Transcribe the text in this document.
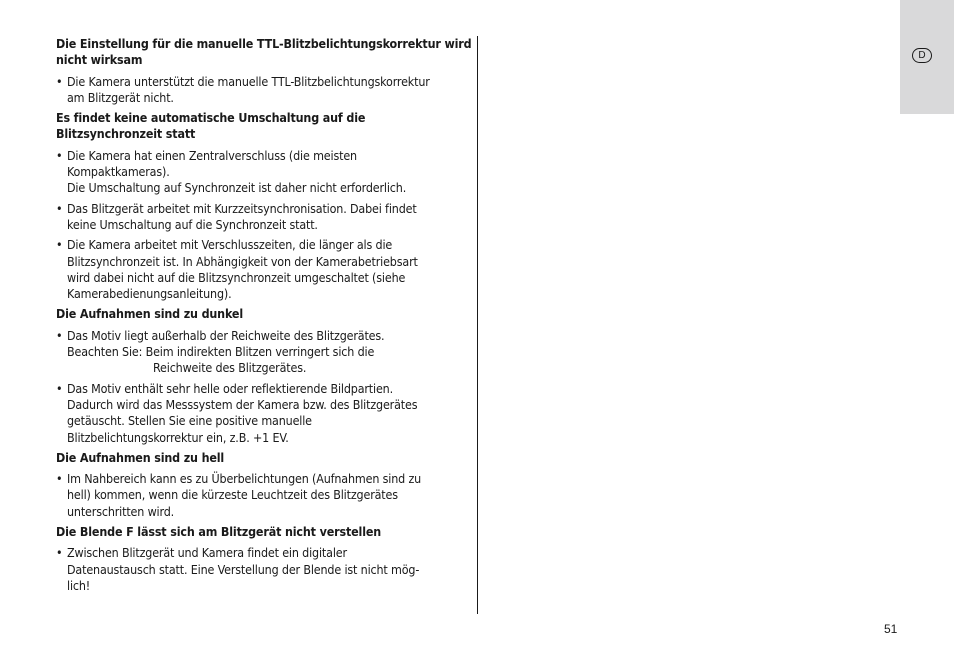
Die Einstellung für die manuelle TTL-Blitzbelichtungskorrektur wird
nicht wirksam
• Die Kamera unterstützt die manuelle TTL-Blitzbelichtungskorrektur
am Blitzgerät nicht.
Es findet keine automatische Umschaltung auf die
Blitzsynchronzeit statt
• Die Kamera hat einen Zentralverschluss (die meisten
Kompaktkameras).
Die Umschaltung auf Synchronzeit ist daher nicht erforderlich.
• Das Blitzgerät arbeitet mit Kurzzeitsynchronisation. Dabei findet
keine Umschaltung auf die Synchronzeit statt.
• Die Kamera arbeitet mit Verschlusszeiten, die länger als die
Blitzsynchronzeit ist. In Abhängigkeit von der Kamerabetriebsart
wird dabei nicht auf die Blitzsynchronzeit umgeschaltet (siehe
Kamerabedienungsanleitung).
Die Aufnahmen sind zu dunkel
• Das Motiv liegt außerhalb der Reichweite des Blitzgerätes.
Beachten Sie: Beim indirekten Blitzen verringert sich die
Reichweite des Blitzgerätes.
• Das Motiv enthält sehr helle oder reflektierende Bildpartien.
Dadurch wird das Messsystem der Kamera bzw. des Blitzgerätes
getäuscht. Stellen Sie eine positive manuelle
Blitzbelichtungskorrektur ein, z.B. +1 EV.
Die Aufnahmen sind zu hell
• Im Nahbereich kann es zu Überbelichtungen (Aufnahmen sind zu
hell) kommen, wenn die kürzeste Leuchtzeit des Blitzgerätes
unterschritten wird.
Die Blende F lässt sich am Blitzgerät nicht verstellen
• Zwischen Blitzgerät und Kamera findet ein digitaler
Datenaustausch statt. Eine Verstellung der Blende ist nicht mög-
lich!
D
51
